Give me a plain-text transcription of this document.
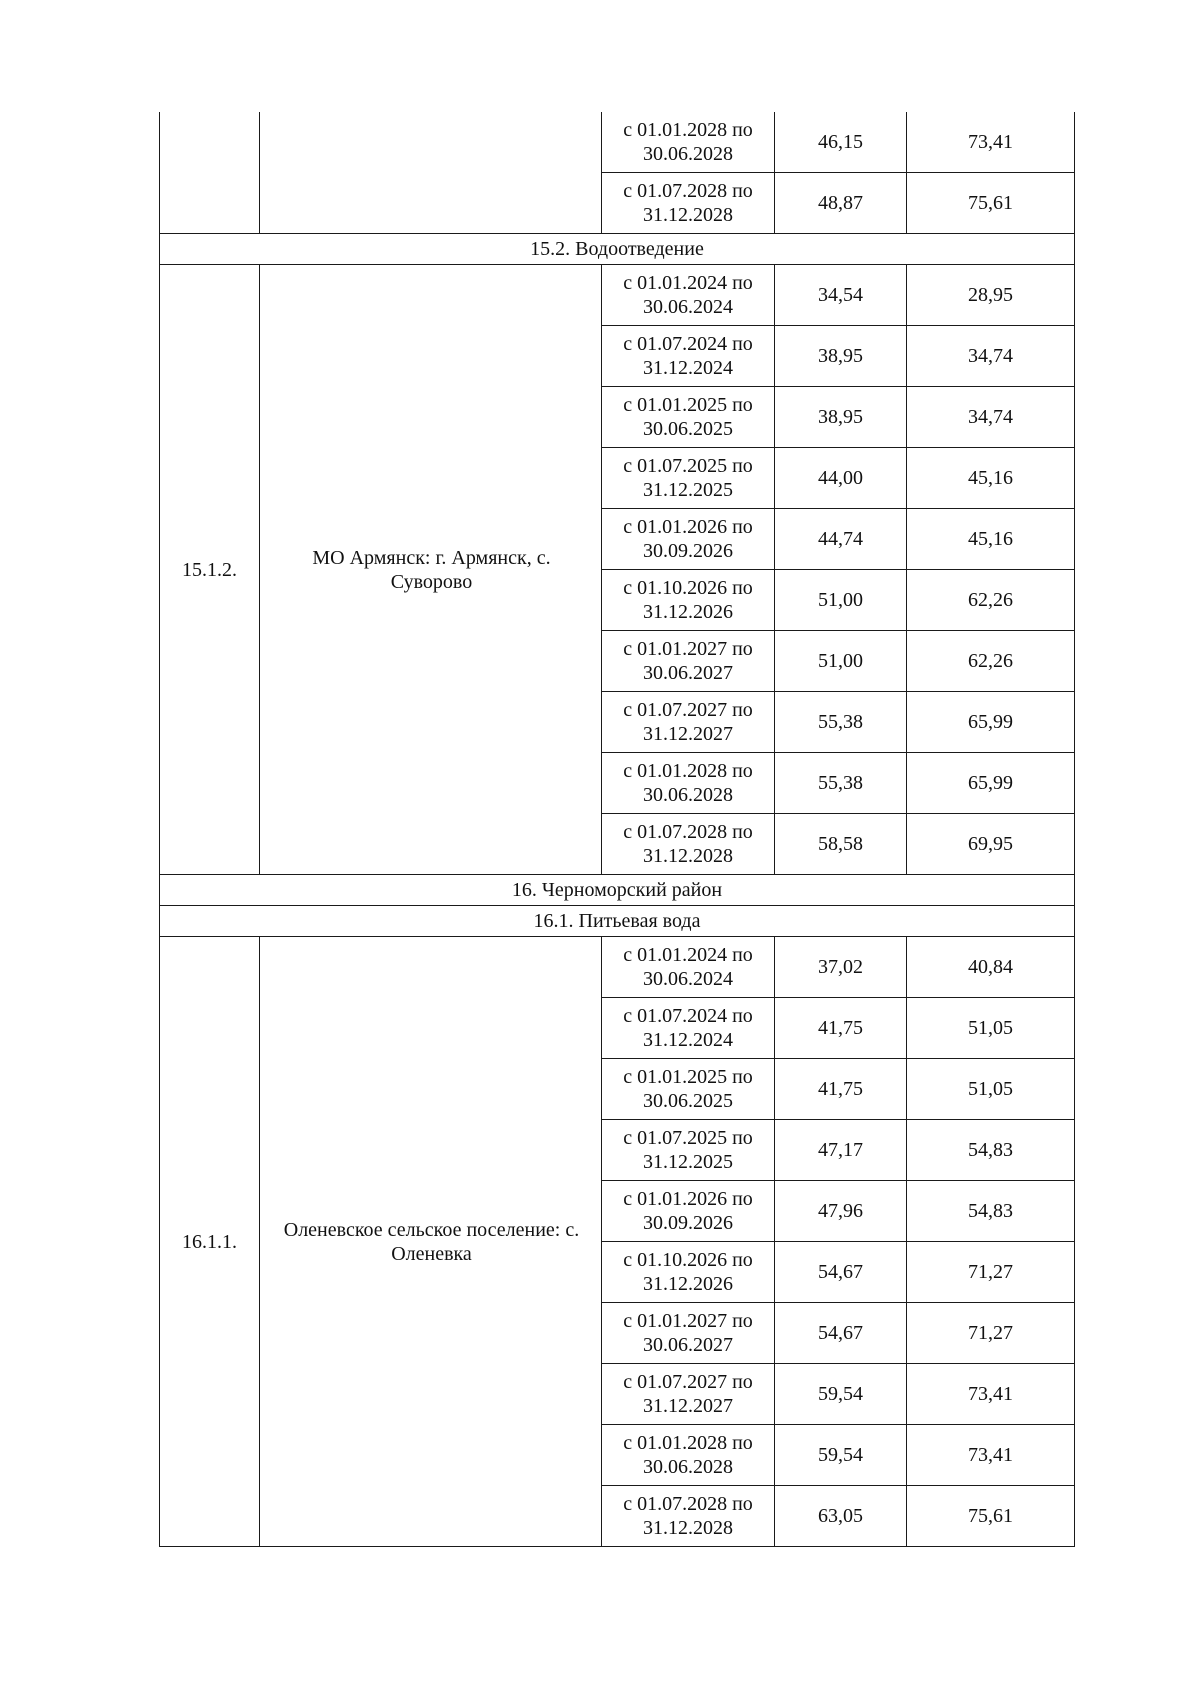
		с 01.01.2028 по 30.06.2028	46,15	73,41
		с 01.07.2028 по 31.12.2028	48,87	75,61
15.2. Водоотведение				
15.1.2.	МО Армянск: г. Армянск, с. Суворово	с 01.01.2024 по 30.06.2024	34,54	28,95
		с 01.07.2024 по 31.12.2024	38,95	34,74
		с 01.01.2025 по 30.06.2025	38,95	34,74
		с 01.07.2025 по 31.12.2025	44,00	45,16
		с 01.01.2026 по 30.09.2026	44,74	45,16
		с 01.10.2026 по 31.12.2026	51,00	62,26
		с 01.01.2027 по 30.06.2027	51,00	62,26
		с 01.07.2027 по 31.12.2027	55,38	65,99
		с 01.01.2028 по 30.06.2028	55,38	65,99
		с 01.07.2028 по 31.12.2028	58,58	69,95
16. Черноморский район				
16.1. Питьевая вода				
16.1.1.	Оленевское сельское поселение: с. Оленевка	с 01.01.2024 по 30.06.2024	37,02	40,84
		с 01.07.2024 по 31.12.2024	41,75	51,05
		с 01.01.2025 по 30.06.2025	41,75	51,05
		с 01.07.2025 по 31.12.2025	47,17	54,83
		с 01.01.2026 по 30.09.2026	47,96	54,83
		с 01.10.2026 по 31.12.2026	54,67	71,27
		с 01.01.2027 по 30.06.2027	54,67	71,27
		с 01.07.2027 по 31.12.2027	59,54	73,41
		с 01.01.2028 по 30.06.2028	59,54	73,41
		с 01.07.2028 по 31.12.2028	63,05	75,61
